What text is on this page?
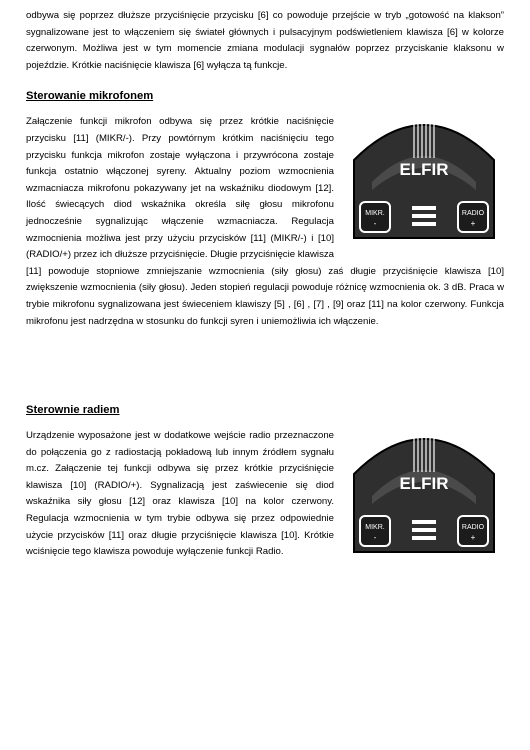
odbywa się poprzez dłuższe przyciśnięcie przycisku [6] co powoduje przejście w tryb „gotowość na klakson” sygnalizowane jest to włączeniem się świateł głównych i pulsacyjnym podświetleniem klawisza [6] w kolorze czerwonym. Możliwa jest w tym momencie zmiana modulacji sygnałów poprzez przyciskanie klaksonu w pojeździe. Krótkie naciśnięcie klawisza [6] wyłącza tą funkcje.

Sterowanie mikrofonem
ELFIR
MIKR.
-
RADIO
+

Załączenie funkcji mikrofon odbywa się przez krótkie naciśnięcie przycisku [11] (MIKR/-). Przy powtórnym krótkim naciśnięciu tego przycisku funkcja mikrofon zostaje wyłączona i przywrócona zostaje funkcja ostatnio włączonej syreny. Aktualny poziom wzmocnienia wzmacniacza mikrofonu pokazywany jet na wskaźniku diodowym [12]. Ilość świecących diod wskaźnika określa siłę głosu mikrofonu jednocześnie sygnalizując włączenie wzmacniacza. Regulacja wzmocnienia możliwa jest przy użyciu przycisków [11] (MIKR/-) i [10] (RADIO/+) przez ich dłuższe przyciśnięcie. Długie przyciśnięcie klawisza [11] powoduje stopniowe zmniejszanie wzmocnienia (siły głosu) zaś długie przyciśnięcie klawisza [10] zwiększenie wzmocnienia (siły głosu). Jeden stopień regulacji powoduje różnicę wzmocnienia ok. 3 dB. Praca w trybie mikrofonu sygnalizowana jest świeceniem klawiszy [5] , [6] , [7] , [9] oraz [11] na kolor czerwony. Funkcja mikrofonu jest nadrzędna w stosunku do funkcji syren i uniemożliwia ich włączenie.

Sterownie radiem
ELFIR
MIKR.
-
RADIO
+

Urządzenie wyposażone jest w dodatkowe wejście radio przeznaczone do połączenia go z radiostacją pokładową lub innym źródłem sygnału m.cz. Załączenie tej funkcji odbywa się przez krótkie przyciśnięcie klawisza [10] (RADIO/+). Sygnalizacją jest zaświecenie się diod wskaźnika siły głosu [12] oraz klawisza [10] na kolor czerwony. Regulacja wzmocnienia w tym trybie odbywa się przez odpowiednie użycie przycisków [11] oraz długie przyciśnięcie klawisza [10]. Krótkie wciśnięcie tego klawisza powoduje wyłączenie funkcji Radio.
